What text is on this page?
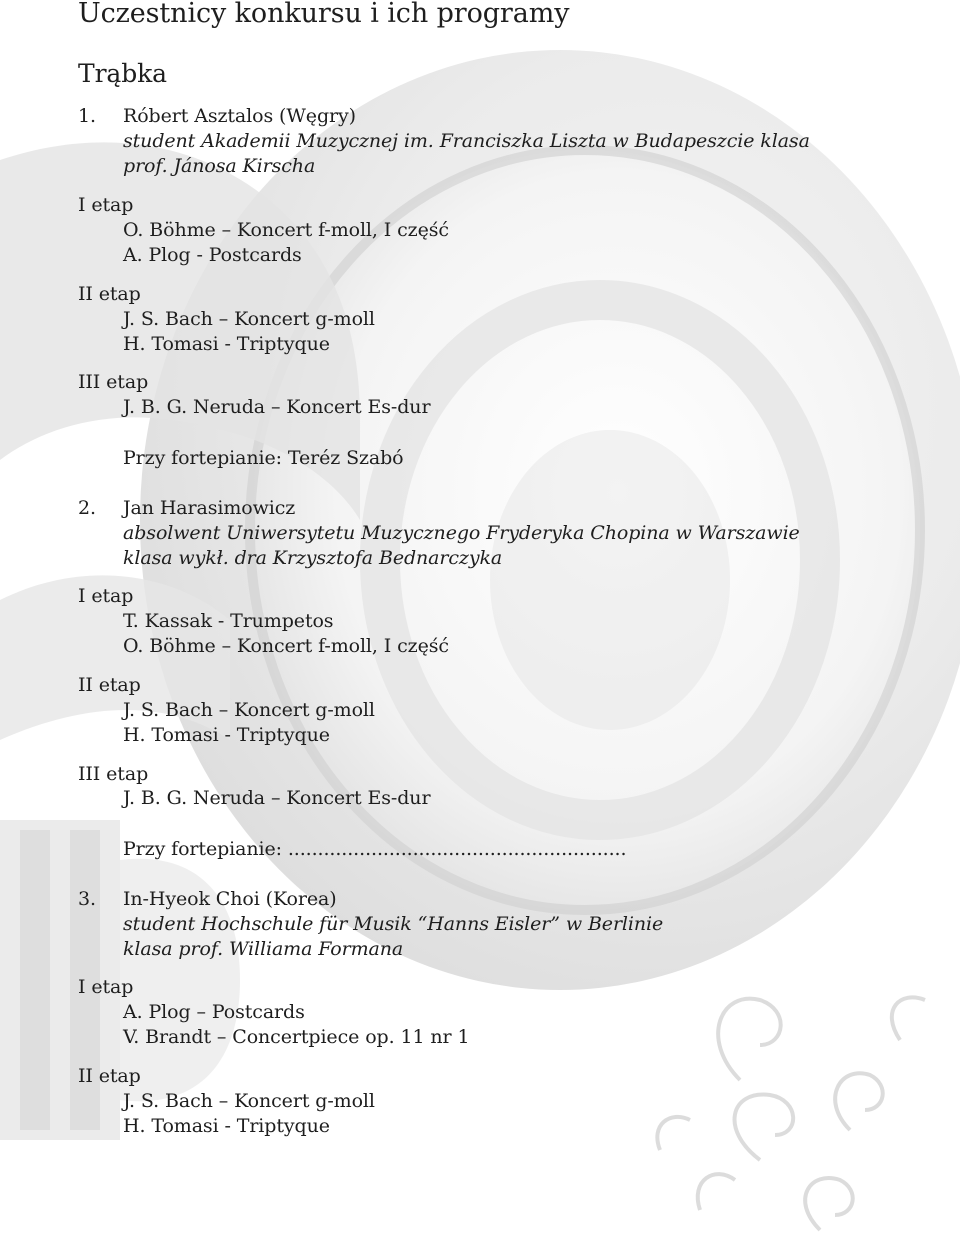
Uczestnicy konkursu i ich programy
Trąbka
1. Róbert Asztalos (Węgry)
student Akademii Muzycznej im. Franciszka Liszta w Budapeszcie klasa
prof. Jánosa Kirscha
I etap
O. Böhme – Koncert f-moll, I część
A. Plog - Postcards
II etap
J. S. Bach – Koncert g-moll
H. Tomasi - Triptyque
III etap
J. B. G. Neruda – Koncert Es-dur
Przy fortepianie: Teréz Szabó
2. Jan Harasimowicz
absolwent Uniwersytetu Muzycznego Fryderyka Chopina w Warszawie
klasa wykł. dra Krzysztofa Bednarczyka
I etap
T. Kassak - Trumpetos
O. Böhme – Koncert f-moll, I część
II etap
J. S. Bach – Koncert g-moll
H. Tomasi - Triptyque
III etap
J. B. G. Neruda – Koncert Es-dur
Przy fortepianie: .........................................................
3. In-Hyeok Choi (Korea)
student Hochschule für Musik “Hanns Eisler” w Berlinie
klasa prof. Williama Formana
I etap
A. Plog – Postcards
V. Brandt – Concertpiece op. 11 nr 1
II etap
J. S. Bach – Koncert g-moll
H. Tomasi - Triptyque
